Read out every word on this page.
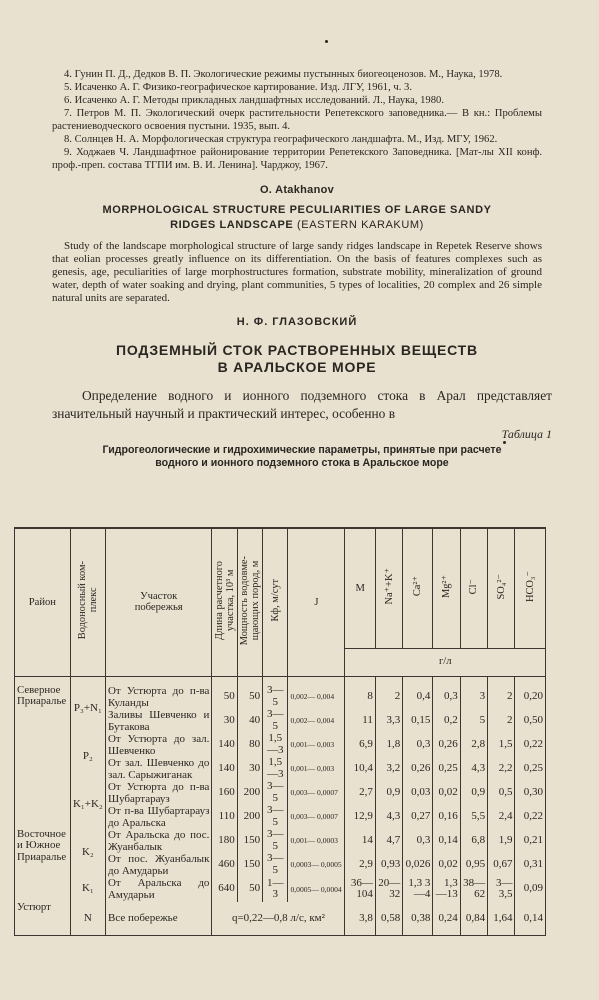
4. Гунин П. Д., Дедков В. П. Экологические режимы пустынных биогеоценозов. М., Наука, 1978.

5. Исаченко А. Г. Физико-географическое картирование. Изд. ЛГУ, 1961, ч. 3.

6. Исаченко А. Г. Методы прикладных ландшафтных исследований. Л., Наука, 1980.

7. Петров М. П. Экологический очерк растительности Репетекского заповедника.— В кн.: Проблемы растениеводческого освоения пустыни. 1935, вып. 4.

8. Солнцев Н. А. Морфологическая структура географического ландшафта. М., Изд. МГУ, 1962.

9. Ходжаев Ч. Ландшафтное районирование территории Репетекского Заповедника. [Мат-лы XII конф. проф.-преп. состава ТГПИ им. В. И. Ленина]. Чарджоу, 1967.

O. Atakhanov
MORPHOLOGICAL STRUCTURE PECULIARITIES OF LARGE SANDY
RIDGES LANDSCAPE (EASTERN KARAKUM)

Study of the landscape morphological structure of large sandy ridges landscape in Repetek Reserve shows that eolian processes greatly influence on its differentiation. On the basis of features complexes such as genesis, age, peculiarities of large morphostructures formation, substrate mobility, mineralization of ground water, depth of water soaking and drying, plant communities, 5 types of localities, 20 complex and 26 simple natural units are separated.

Н. Ф. ГЛАЗОВСКИЙ
ПОДЗЕМНЫЙ СТОК РАСТВОРЕННЫХ ВЕЩЕСТВ
В АРАЛЬСКОЕ МОРЕ

Определение водного и ионного подземного стока в Арал представляет значительный научный и практический интерес, особенно в

Таблица 1
Гидрогеологические и гидрохимические параметры, принятые при расчете
водного и ионного подземного стока в Аральское море
Район	Водоносный ком-
плекс	Участок
побережья	Длина расчетного
участка, 10³ м	Мощность водовме-
щающих пород, м	Кф, м/сут	J	M	Na⁺+K⁺	Ca²⁺	Mg²⁺	Cl⁻	SO₄²⁻	HCO₃⁻
							г/л						
Северное Приаралье	P₃+N₁	От Устюрта до п-ва Куланды	50	50	3—5	0,002— 0,004	8	2	0,4	0,3	3	2	0,20
		Заливы Шевченко и Бутакова	30	40	3—5	0,002— 0,004	11	3,3	0,15	0,2	5	2	0,50
	P₂	От Устюрта до зал. Шевченко	140	80	1,5 —3	0,001— 0,003	6,9	1,8	0,3	0,26	2,8	1,5	0,22
		От зал. Шевченко до зал. Сарыжиганак	140	30	1,5 —3	0,001— 0,003	10,4	3,2	0,26	0,25	4,3	2,2	0,25
	K₁+K₂	От Устюрта до п-ва Шубартарауз	160	200	3—5	0,003— 0,0007	2,7	0,9	0,03	0,02	0,9	0,5	0,30
		От п-ва Шубартарауз до Аральска	110	200	3—5	0,003— 0,0007	12,9	4,3	0,27	0,16	5,5	2,4	0,22
Восточное и Южное Приаралье	K₂	От Аральска до пос. Жуанбалык	180	150	3—5	0,001— 0,0003	14	4,7	0,3	0,14	6,8	1,9	0,21
		От пос. Жуанбалык до Амударьи	460	150	3—5	0,0003— 0,0005	2,9	0,93	0,026	0,02	0,95	0,67	0,31
	K₁	От Аральска до Амударьи	640	50	1—3	0,0005— 0,0004	36— 104	20— 32	1,3 3—4	1,3 —13	38— 62	3— 3,5	0,09
Устюрт	N	Все побережье	q=0,22—0,8 л/с, км²				3,8	0,58	0,38	0,24	0,84	1,64	0,14
